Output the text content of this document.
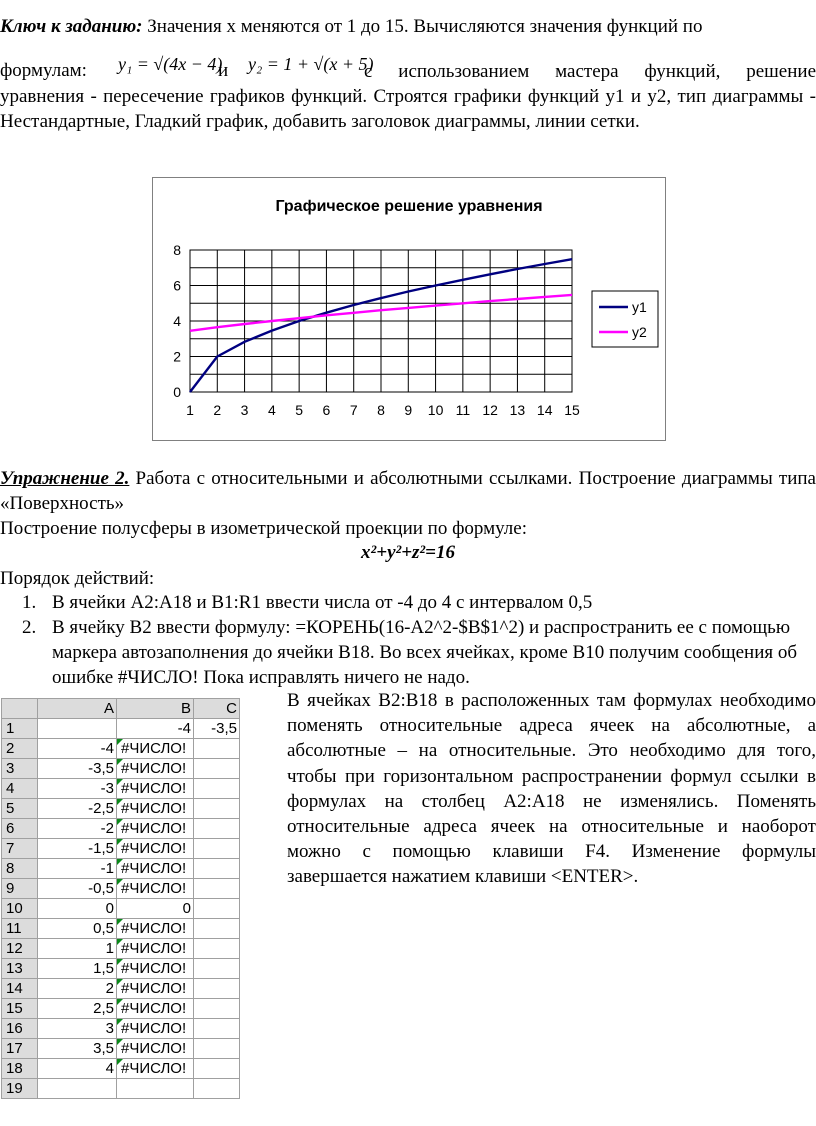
Ключ к заданию: Значения x меняются от 1 до 15. Вычисляются значения функций по
формулам: y₁ = √(4x − 4)
и y₂ = 1 + √(x + 5)
с использованием мастера функций, решение уравнения - пересечение графиков функций. Строятся графики функций y1 и y2, тип диаграммы - Нестандартные, Гладкий график, добавить заголовок диаграммы, линии сетки.
Графическое решение уравнения
0
2
4
6
8
1 2 3 4 5 6 7 8 9 10 11 12 13 14 15
y1
y2
Упражнение 2. Работа с относительными и абсолютными ссылками. Построение диаграммы типа «Поверхность»
Построение полусферы в изометрической проекции по формуле:
x²+y²+z²=16
Порядок действий:
1. В ячейки A2:A18 и B1:R1 ввести числа от -4 до 4 с интервалом 0,5
2. В ячейку B2 ввести формулу: =КОРЕНЬ(16-A2^2-$B$1^2) и распространить ее с помощью маркера автозаполнения до ячейки B18. Во всех ячейках, кроме B10 получим сообщения об ошибке #ЧИСЛО! Пока исправлять ничего не надо.
	A	B	C
1		-4	-3,5
2	-4	#ЧИСЛО!	
3	-3,5	#ЧИСЛО!	
4	-3	#ЧИСЛО!	
5	-2,5	#ЧИСЛО!	
6	-2	#ЧИСЛО!	
7	-1,5	#ЧИСЛО!	
8	-1	#ЧИСЛО!	
9	-0,5	#ЧИСЛО!	
10	0	0	
11	0,5	#ЧИСЛО!	
12	1	#ЧИСЛО!	
13	1,5	#ЧИСЛО!	
14	2	#ЧИСЛО!	
15	2,5	#ЧИСЛО!	
16	3	#ЧИСЛО!	
17	3,5	#ЧИСЛО!	
18	4	#ЧИСЛО!	
19			
В ячейках B2:B18 в расположенных там формулах необходимо поменять относительные адреса ячеек на абсолютные, а абсолютные – на относительные. Это необходимо для того, чтобы при горизонтальном распространении формул ссылки в формулах на столбец A2:A18 не изменялись. Поменять относительные адреса ячеек на относительные и наоборот можно с помощью клавиши F4. Изменение формулы завершается нажатием клавиши <ENTER>.
